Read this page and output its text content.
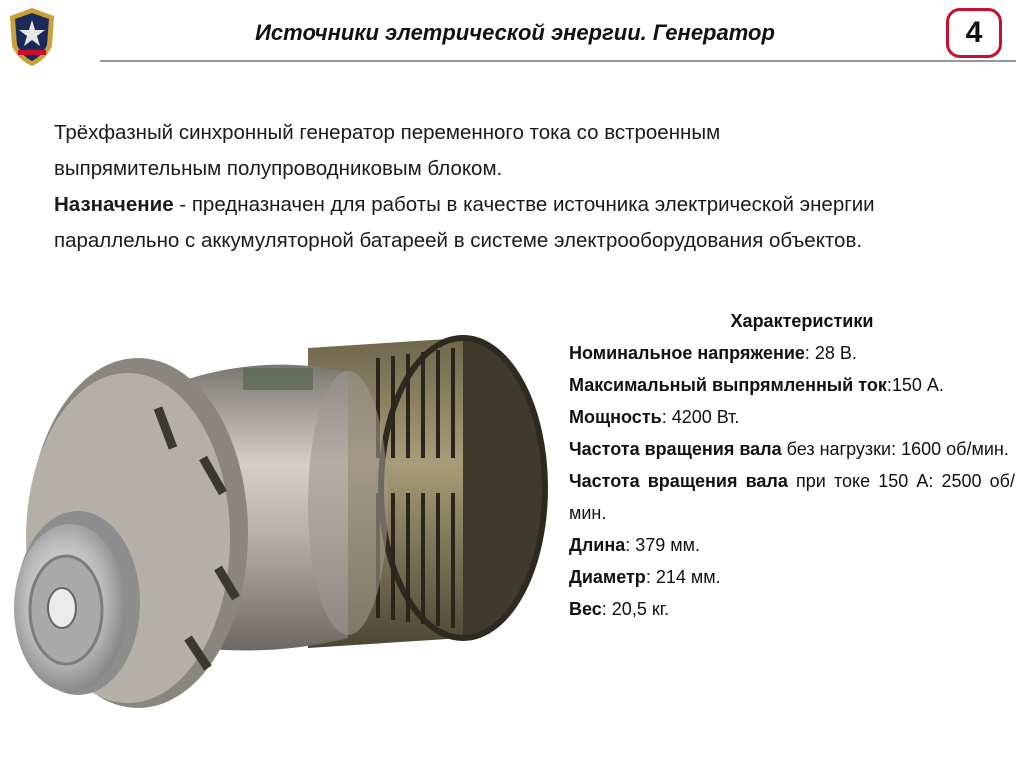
Источники элетрической энергии. Генератор	4
Трёхфазный синхронный генератор переменного тока со встроенным
выпрямительным полупроводниковым блоком.
Назначение - предназначен для работы в качестве источника электрической энергии
параллельно с аккумуляторной батареей в системе электрооборудования объектов.
Характеристики
Номинальное напряжение: 28 В.
Максимальный выпрямленный ток:150 А.
Мощность: 4200 Вт.
Частота вращения вала без нагрузки: 1600 об/мин.
Частота вращения вала при токе 150 А: 2500 об/мин.
Длина: 379 мм.
Диаметр: 214 мм.
Вес: 20,5 кг.
